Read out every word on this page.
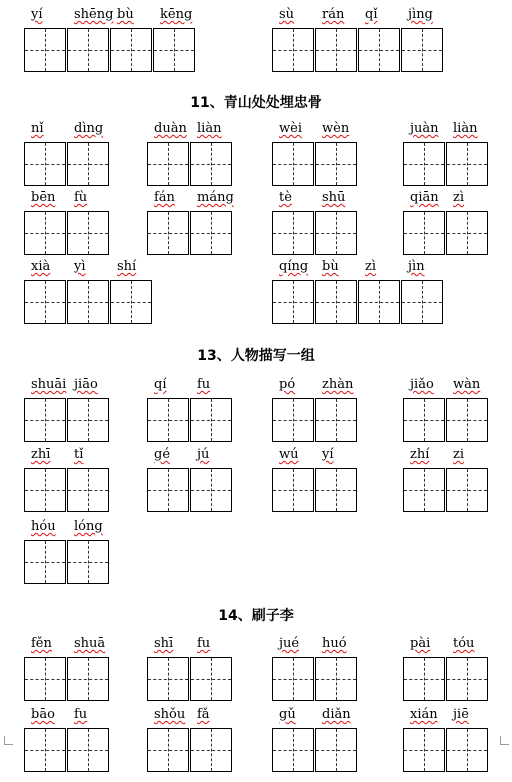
yí shēng bù kēng	sù rán qǐ jìng
11、青山处处埋忠骨
nǐ dìng	duàn liàn	wèi wèn	juàn liàn
bēn fù	fán máng	tè shū	qiān zì
xià yì shí	qíng bù zì jìn
13、人物描写一组
shuāi jiāo	qí fu	pó zhàn	jiǎo wàn
zhī tǐ	gé jú	wú yí	zhí zi
hóu lóng
14、刷子李
fěn shuā	shī fu	jué huó	pài tóu
bāo fu	shǒu fǎ	gǔ diǎn	xián jiē
